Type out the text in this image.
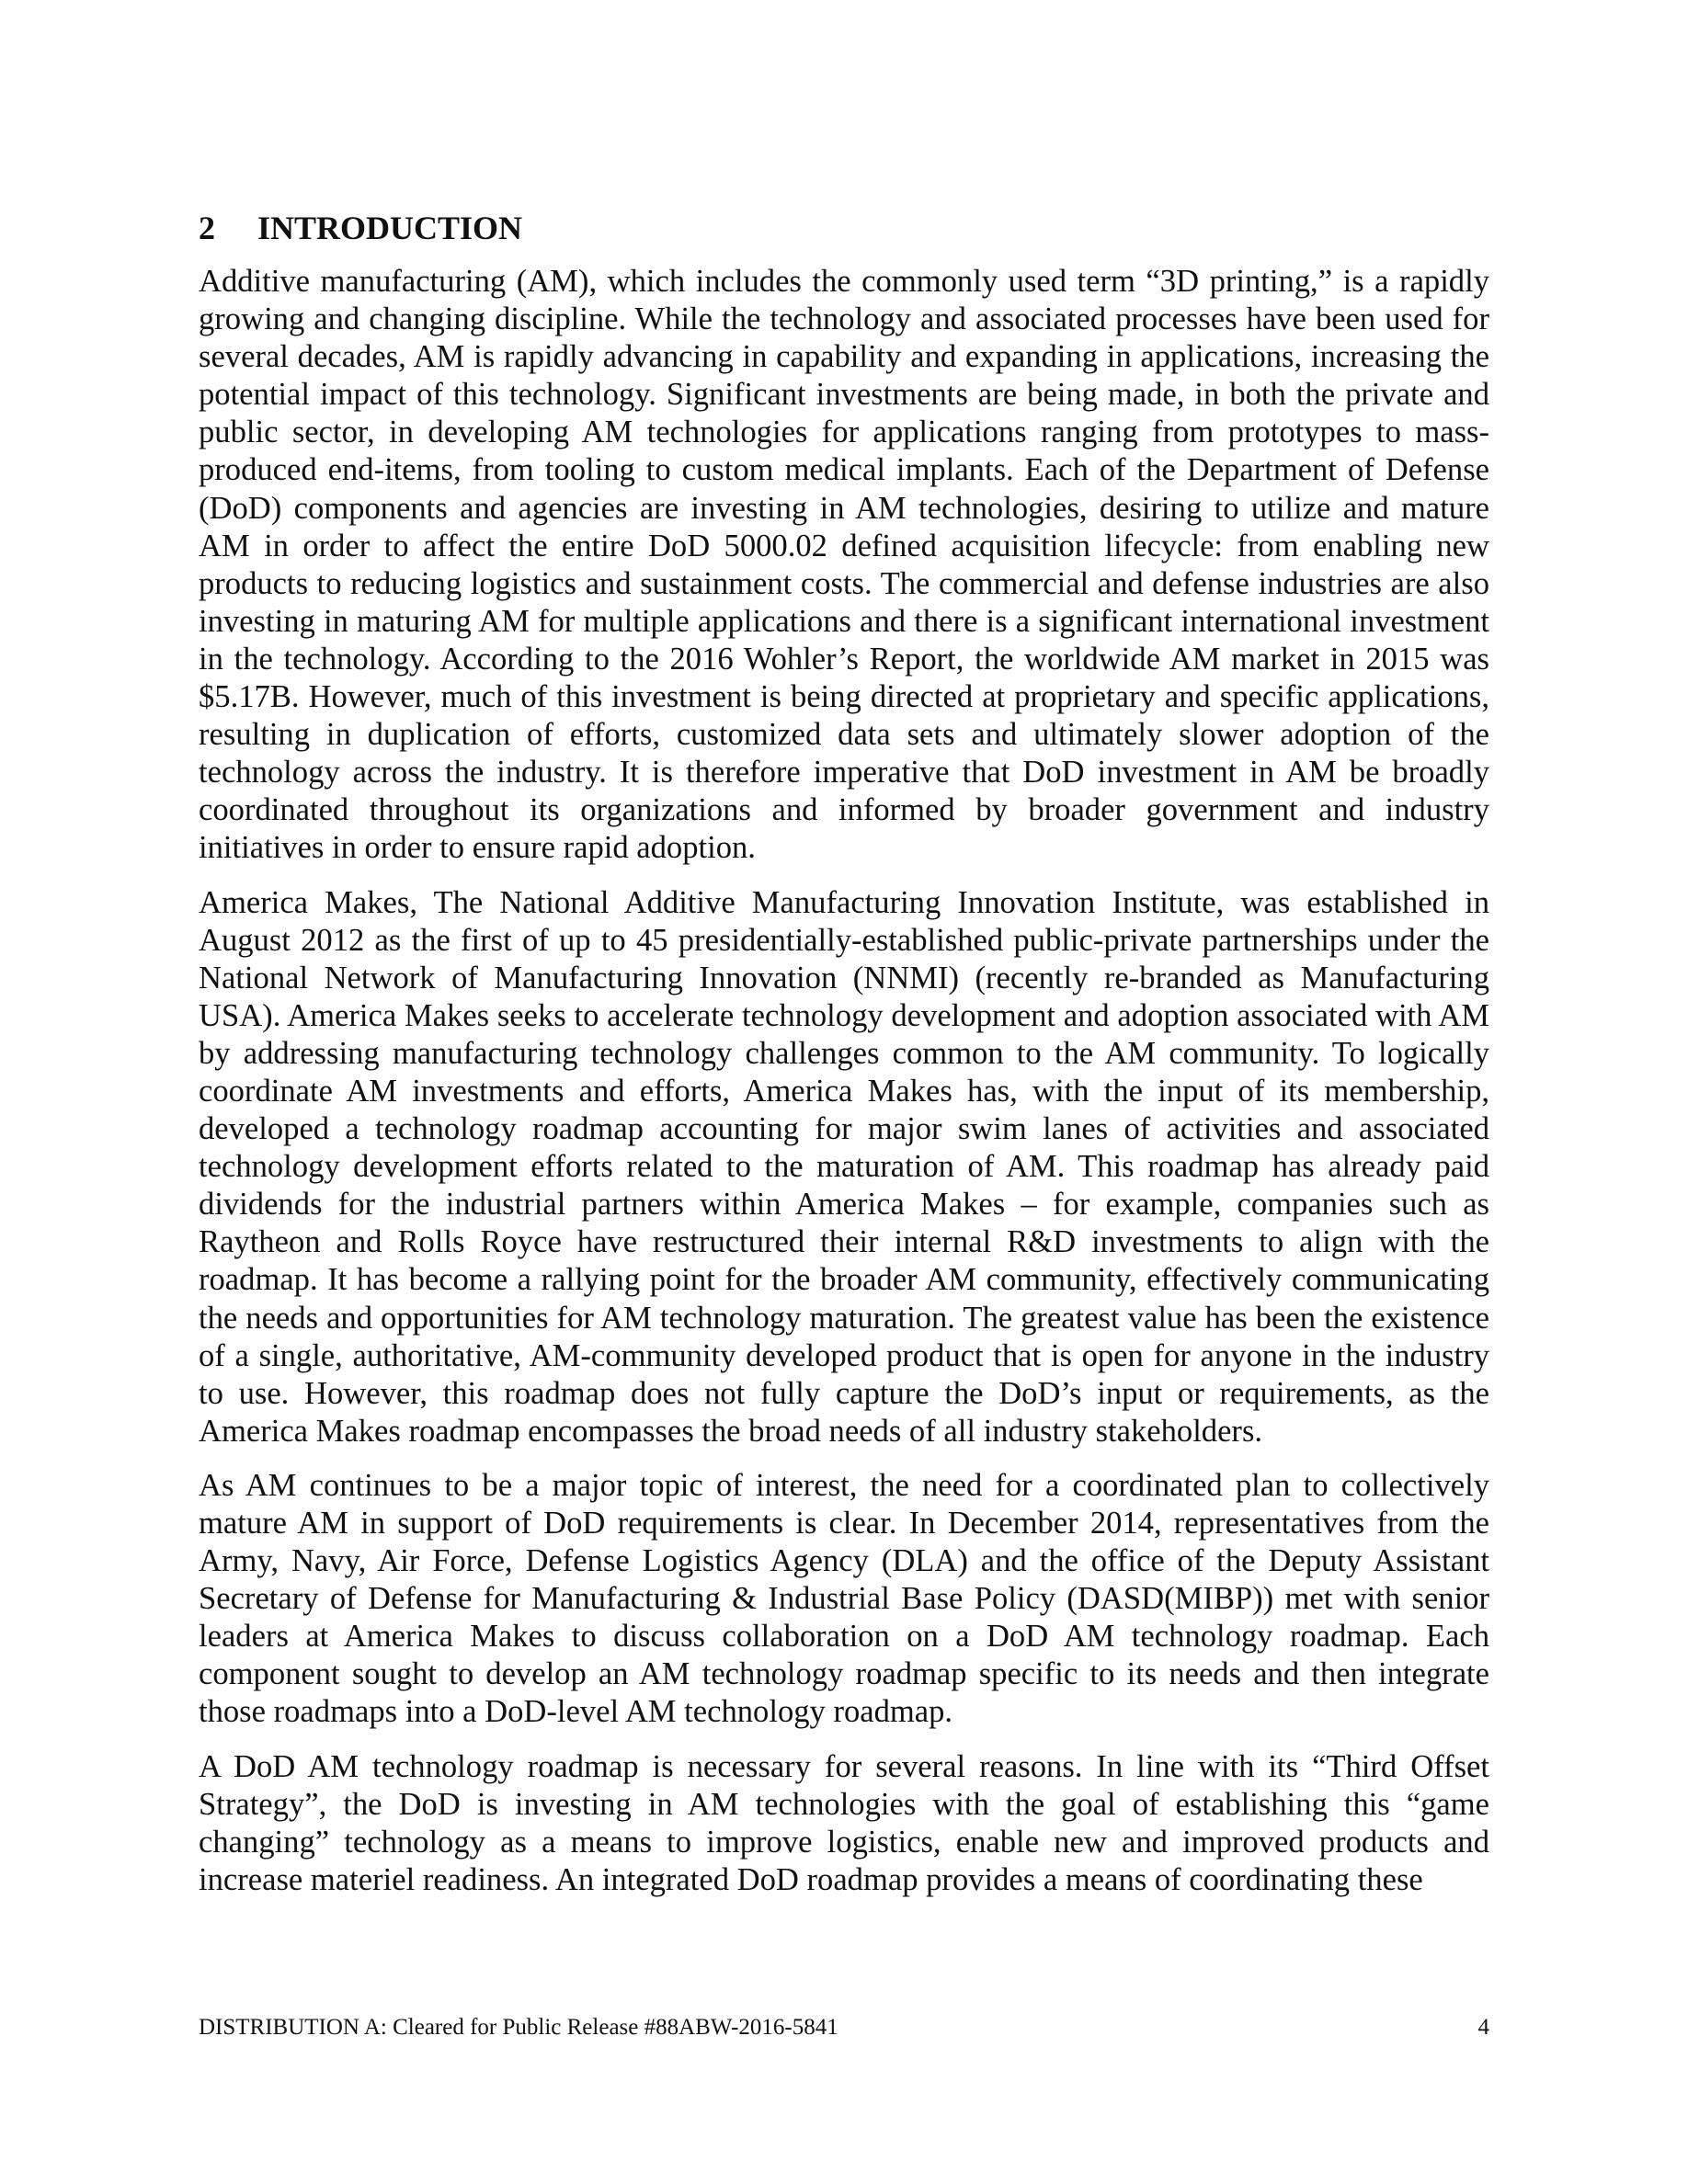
2 INTRODUCTION

Additive manufacturing (AM), which includes the commonly used term “3D printing,” is a rapidly growing and changing discipline. While the technology and associated processes have been used for several decades, AM is rapidly advancing in capability and expanding in applications, increasing the potential impact of this technology. Significant investments are being made, in both the private and public sector, in developing AM technologies for applications ranging from prototypes to mass-produced end-items, from tooling to custom medical implants. Each of the Department of Defense (DoD) components and agencies are investing in AM technologies, desiring to utilize and mature AM in order to affect the entire DoD 5000.02 defined acquisition lifecycle: from enabling new products to reducing logistics and sustainment costs. The commercial and defense industries are also investing in maturing AM for multiple applications and there is a significant international investment in the technology. According to the 2016 Wohler’s Report, the worldwide AM market in 2015 was $5.17B. However, much of this investment is being directed at proprietary and specific applications, resulting in duplication of efforts, customized data sets and ultimately slower adoption of the technology across the industry. It is therefore imperative that DoD investment in AM be broadly coordinated throughout its organizations and informed by broader government and industry initiatives in order to ensure rapid adoption.

America Makes, The National Additive Manufacturing Innovation Institute, was established in August 2012 as the first of up to 45 presidentially-established public-private partnerships under the National Network of Manufacturing Innovation (NNMI) (recently re-branded as Manufacturing USA). America Makes seeks to accelerate technology development and adoption associated with AM by addressing manufacturing technology challenges common to the AM community. To logically coordinate AM investments and efforts, America Makes has, with the input of its membership, developed a technology roadmap accounting for major swim lanes of activities and associated technology development efforts related to the maturation of AM. This roadmap has already paid dividends for the industrial partners within America Makes – for example, companies such as Raytheon and Rolls Royce have restructured their internal R&D investments to align with the roadmap. It has become a rallying point for the broader AM community, effectively communicating the needs and opportunities for AM technology maturation. The greatest value has been the existence of a single, authoritative, AM-community developed product that is open for anyone in the industry to use. However, this roadmap does not fully capture the DoD’s input or requirements, as the America Makes roadmap encompasses the broad needs of all industry stakeholders.

As AM continues to be a major topic of interest, the need for a coordinated plan to collectively mature AM in support of DoD requirements is clear. In December 2014, representatives from the Army, Navy, Air Force, Defense Logistics Agency (DLA) and the office of the Deputy Assistant Secretary of Defense for Manufacturing & Industrial Base Policy (DASD(MIBP)) met with senior leaders at America Makes to discuss collaboration on a DoD AM technology roadmap. Each component sought to develop an AM technology roadmap specific to its needs and then integrate those roadmaps into a DoD-level AM technology roadmap.

A DoD AM technology roadmap is necessary for several reasons. In line with its “Third Offset Strategy”, the DoD is investing in AM technologies with the goal of establishing this “game changing” technology as a means to improve logistics, enable new and improved products and increase materiel readiness. An integrated DoD roadmap provides a means of coordinating these

DISTRIBUTION A: Cleared for Public Release #88ABW-2016-5841	4
